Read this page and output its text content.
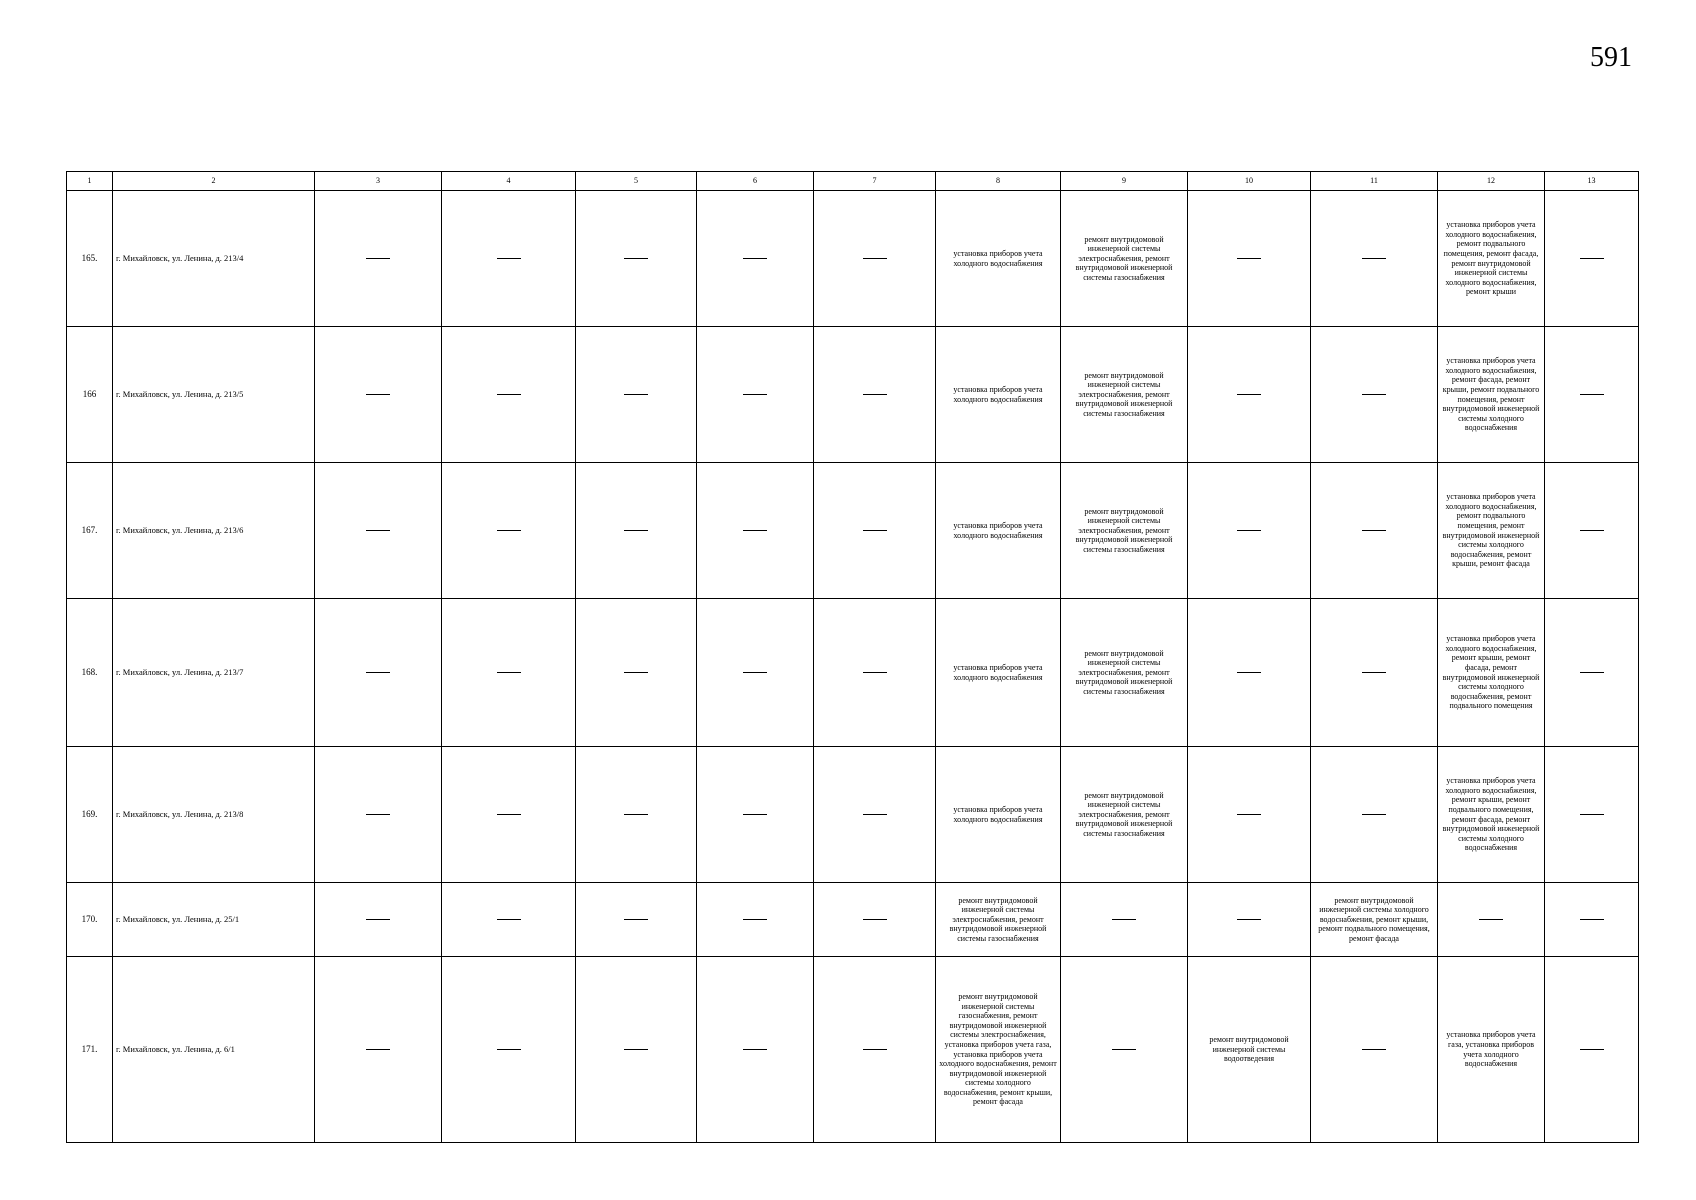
591
1	2	3	4	5	6	7	8	9	10	11	12	13
165.	г. Михайловск, ул. Ленина, д. 213/4						установка приборов учета холодного водоснабжения	ремонт внутридомовой инженерной системы электроснабжения, ремонт внутридомовой инженерной системы газоснабжения			установка приборов учета холодного водоснабжения, ремонт подвального помещения, ремонт фасада, ремонт внутридомовой инженерной системы холодного водоснабжения, ремонт крыши

166	г. Михайловск, ул. Ленина, д. 213/5						установка приборов учета холодного водоснабжения	ремонт внутридомовой инженерной системы электроснабжения, ремонт внутридомовой инженерной системы газоснабжения			установка приборов учета холодного водоснабжения, ремонт фасада, ремонт крыши, ремонт подвального помещения, ремонт внутридомовой инженерной системы холодного водоснабжения

167.	г. Михайловск, ул. Ленина, д. 213/6						установка приборов учета холодного водоснабжения	ремонт внутридомовой инженерной системы электроснабжения, ремонт внутридомовой инженерной системы газоснабжения			установка приборов учета холодного водоснабжения, ремонт подвального помещения, ремонт внутридомовой инженерной системы холодного водоснабжения, ремонт крыши, ремонт фасада

168.	г. Михайловск, ул. Ленина, д. 213/7						установка приборов учета холодного водоснабжения	ремонт внутридомовой инженерной системы электроснабжения, ремонт внутридомовой инженерной системы газоснабжения			установка приборов учета холодного водоснабжения, ремонт крыши, ремонт фасада, ремонт внутридомовой инженерной системы холодного водоснабжения, ремонт подвального помещения

169.	г. Михайловск, ул. Ленина, д. 213/8						установка приборов учета холодного водоснабжения	ремонт внутридомовой инженерной системы электроснабжения, ремонт внутридомовой инженерной системы газоснабжения			установка приборов учета холодного водоснабжения, ремонт крыши, ремонт подвального помещения, ремонт фасада, ремонт внутридомовой инженерной системы холодного водоснабжения

170.	г. Михайловск, ул. Ленина, д. 25/1						ремонт внутридомовой инженерной системы электроснабжения, ремонт внутридомовой инженерной системы газоснабжения			ремонт внутридомовой инженерной системы холодного водоснабжения, ремонт крыши, ремонт подвального помещения, ремонт фасада

171.	г. Михайловск, ул. Ленина, д. 6/1						ремонт внутридомовой инженерной системы газоснабжения, ремонт внутридомовой инженерной системы электроснабжения, установка приборов учета газа, установка приборов учета холодного водоснабжения, ремонт внутридомовой инженерной системы холодного водоснабжения, ремонт крыши, ремонт фасада		ремонт внутридомовой инженерной системы водоотведения		установка приборов учета газа, установка приборов учета холодного водоснабжения
